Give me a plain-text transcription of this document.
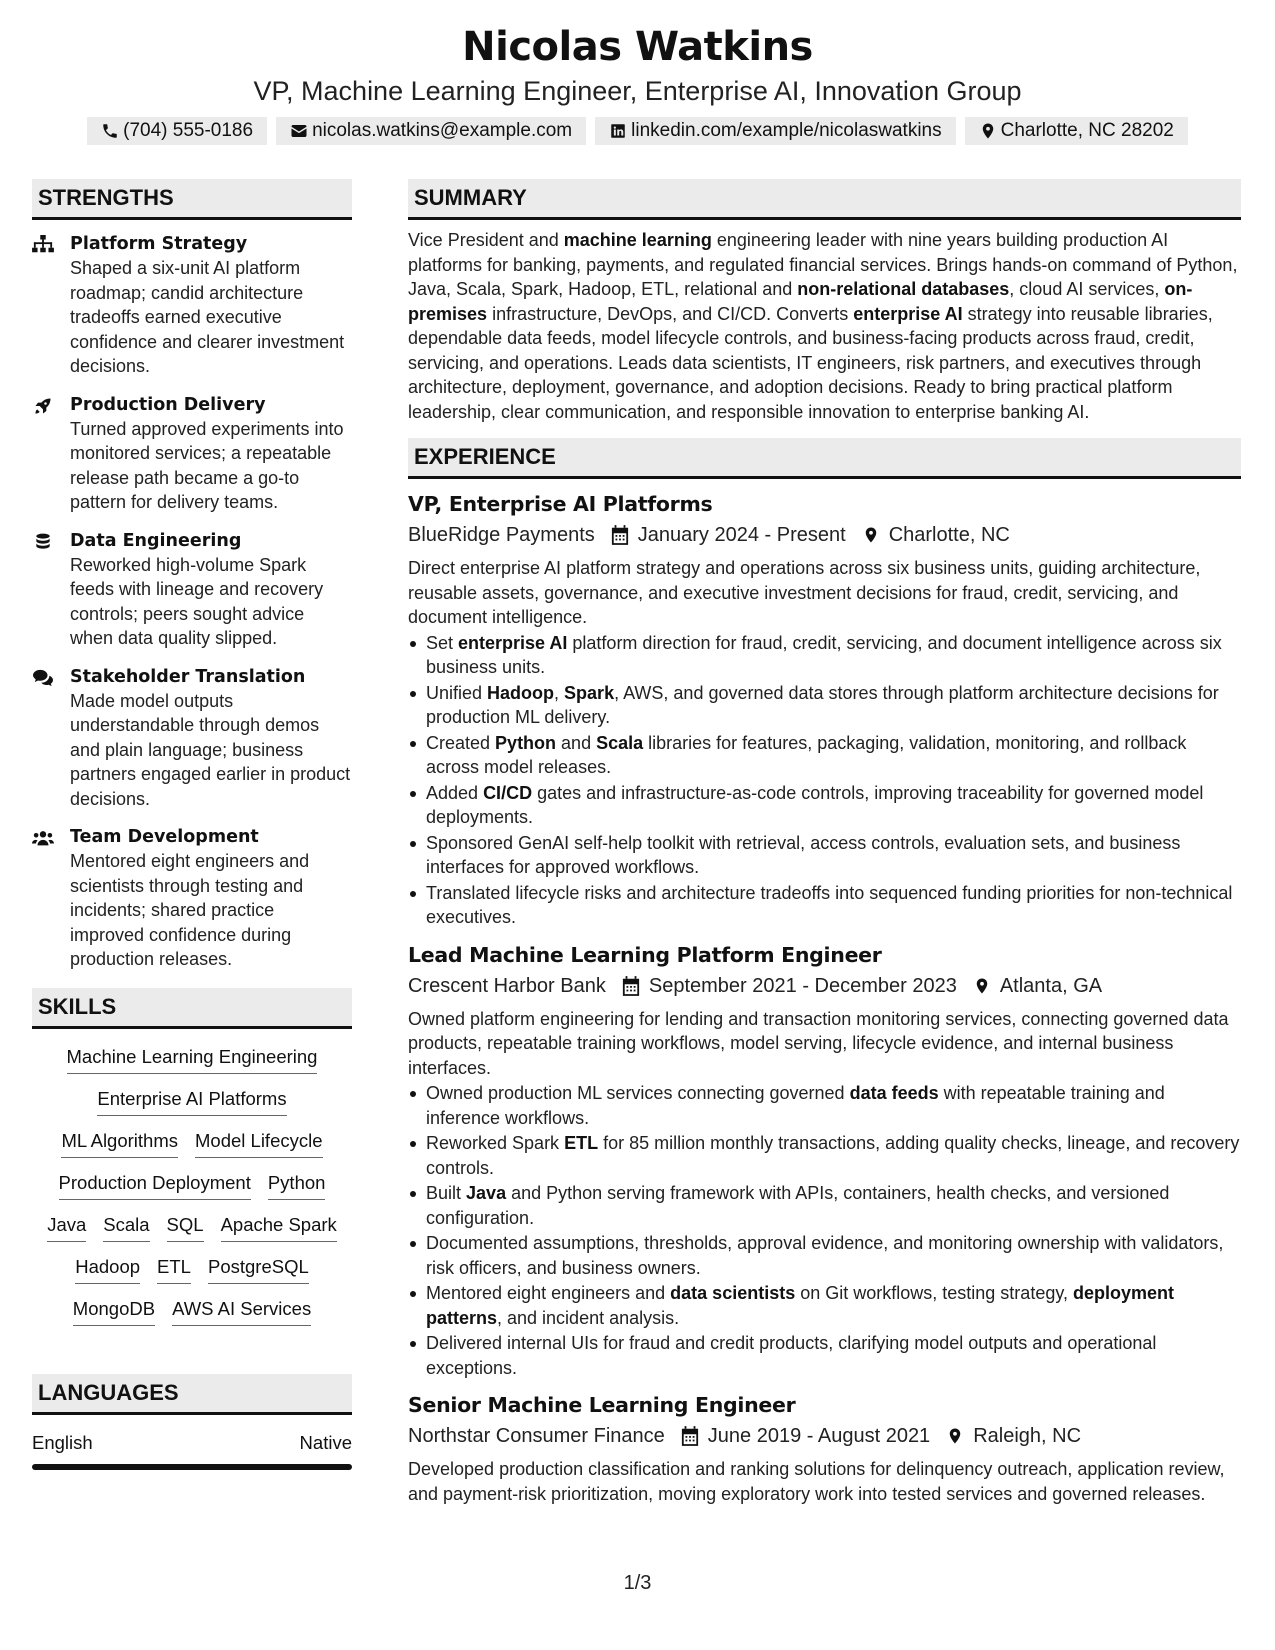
Nicolas Watkins
VP, Machine Learning Engineer, Enterprise AI, Innovation Group
(704) 555-0186	nicolas.watkins@example.com	linkedin.com/example/nicolaswatkins	Charlotte, NC 28202
STRENGTHS
Platform Strategy
Shaped a six-unit AI platform roadmap; candid architecture tradeoffs earned executive confidence and clearer investment decisions.
Production Delivery
Turned approved experiments into monitored services; a repeatable release path became a go-to pattern for delivery teams.
Data Engineering
Reworked high-volume Spark feeds with lineage and recovery controls; peers sought advice when data quality slipped.
Stakeholder Translation
Made model outputs understandable through demos and plain language; business partners engaged earlier in product decisions.
Team Development
Mentored eight engineers and scientists through testing and incidents; shared practice improved confidence during production releases.
SKILLS
Machine Learning Engineering
Enterprise AI Platforms
ML Algorithms Model Lifecycle
Production Deployment Python
Java Scala SQL Apache Spark
Hadoop ETL PostgreSQL
MongoDB AWS AI Services
LANGUAGES
English	Native
SUMMARY
Vice President and machine learning engineering leader with nine years building production AI platforms for banking, payments, and regulated financial services. Brings hands-on command of Python, Java, Scala, Spark, Hadoop, ETL, relational and non-relational databases, cloud AI services, on-premises infrastructure, DevOps, and CI/CD. Converts enterprise AI strategy into reusable libraries, dependable data feeds, model lifecycle controls, and business-facing products across fraud, credit, servicing, and operations. Leads data scientists, IT engineers, risk partners, and executives through architecture, deployment, governance, and adoption decisions. Ready to bring practical platform leadership, clear communication, and responsible innovation to enterprise banking AI.
EXPERIENCE
VP, Enterprise AI Platforms
BlueRidge Payments January 2024 - Present Charlotte, NC
Direct enterprise AI platform strategy and operations across six business units, guiding architecture, reusable assets, governance, and executive investment decisions for fraud, credit, servicing, and document intelligence.
Set enterprise AI platform direction for fraud, credit, servicing, and document intelligence across six business units.
Unified Hadoop, Spark, AWS, and governed data stores through platform architecture decisions for production ML delivery.
Created Python and Scala libraries for features, packaging, validation, monitoring, and rollback across model releases.
Added CI/CD gates and infrastructure-as-code controls, improving traceability for governed model deployments.
Sponsored GenAI self-help toolkit with retrieval, access controls, evaluation sets, and business interfaces for approved workflows.
Translated lifecycle risks and architecture tradeoffs into sequenced funding priorities for non-technical executives.
Lead Machine Learning Platform Engineer
Crescent Harbor Bank September 2021 - December 2023 Atlanta, GA
Owned platform engineering for lending and transaction monitoring services, connecting governed data products, repeatable training workflows, model serving, lifecycle evidence, and internal business interfaces.
Owned production ML services connecting governed data feeds with repeatable training and inference workflows.
Reworked Spark ETL for 85 million monthly transactions, adding quality checks, lineage, and recovery controls.
Built Java and Python serving framework with APIs, containers, health checks, and versioned configuration.
Documented assumptions, thresholds, approval evidence, and monitoring ownership with validators, risk officers, and business owners.
Mentored eight engineers and data scientists on Git workflows, testing strategy, deployment patterns, and incident analysis.
Delivered internal UIs for fraud and credit products, clarifying model outputs and operational exceptions.
Senior Machine Learning Engineer
Northstar Consumer Finance June 2019 - August 2021 Raleigh, NC
Developed production classification and ranking solutions for delinquency outreach, application review, and payment-risk prioritization, moving exploratory work into tested services and governed releases.
1/3
